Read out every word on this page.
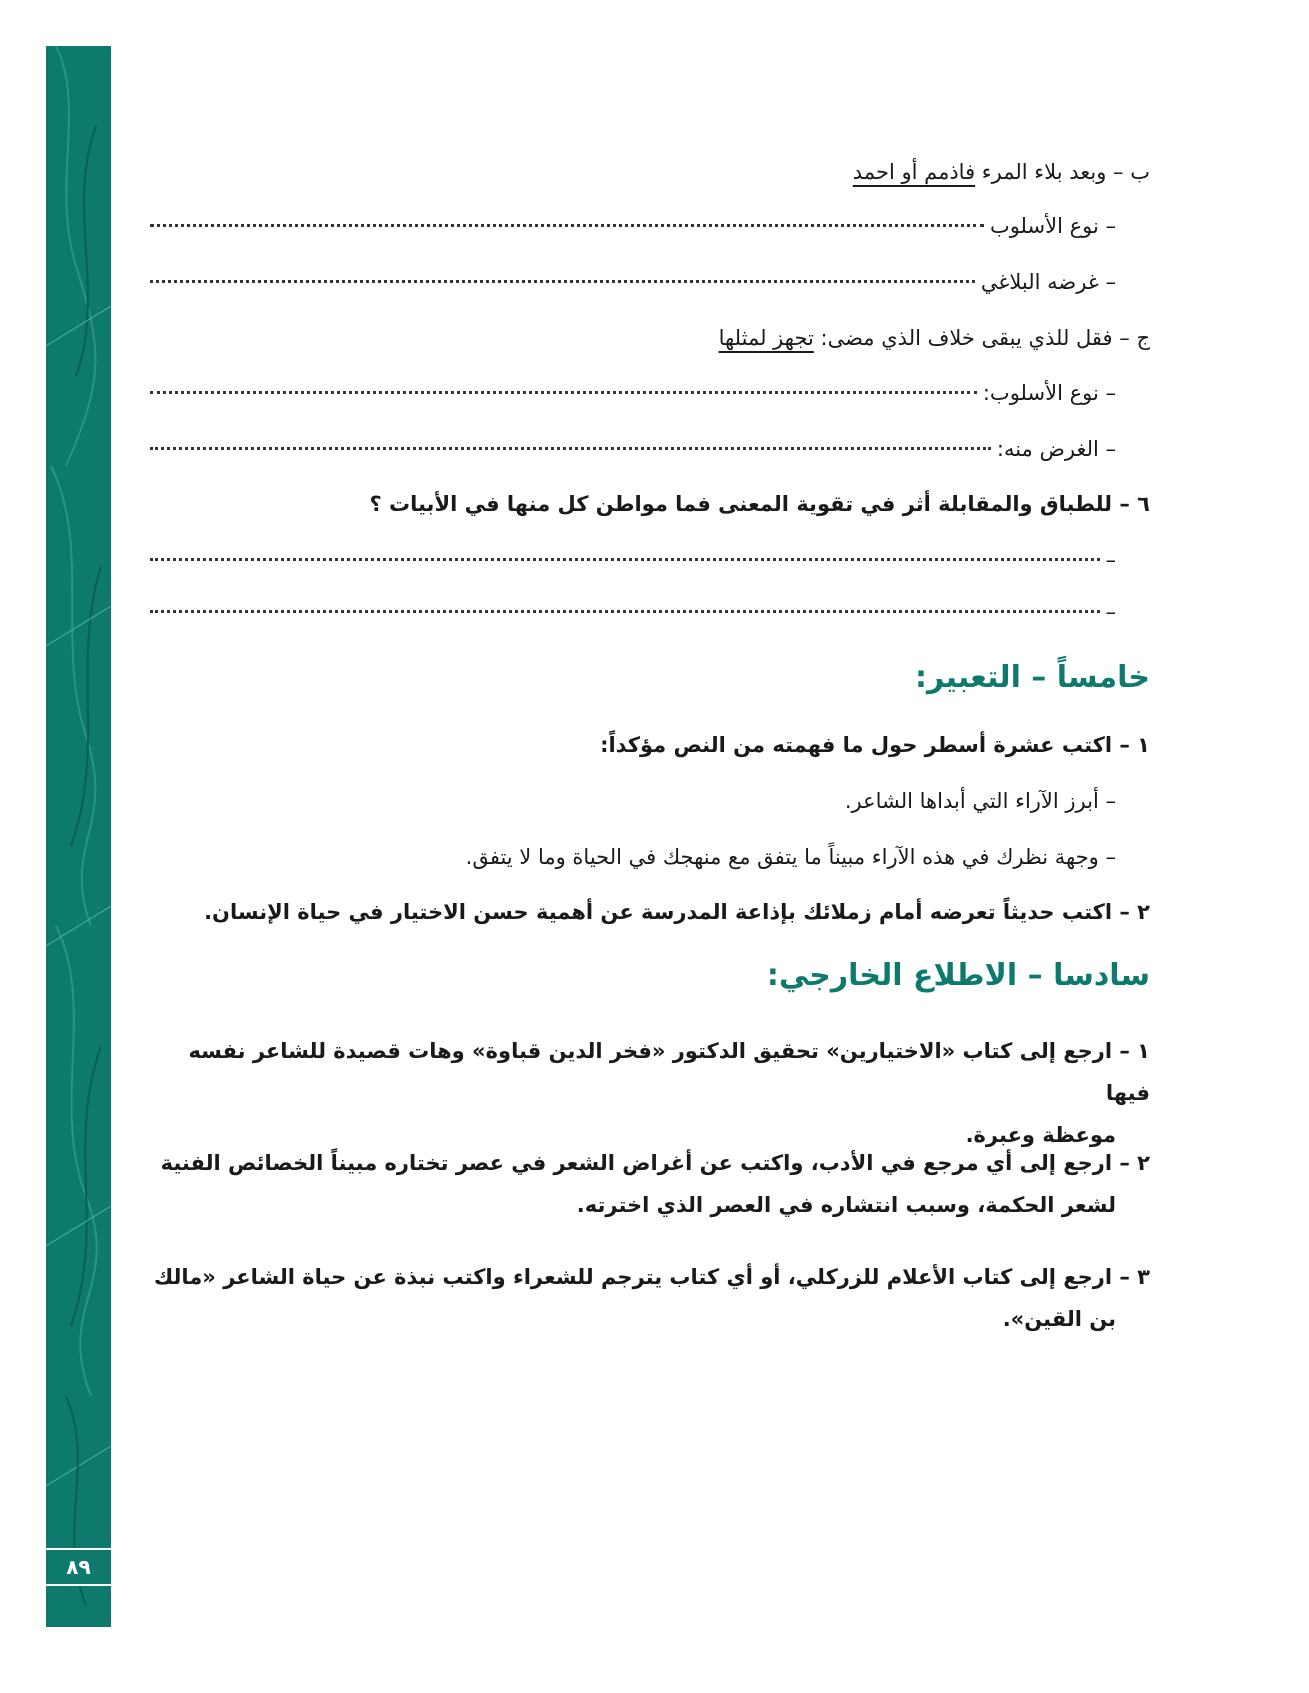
٨٩
ب – وبعد بلاء المرء فاذمم أو احمد
– نوع الأسلوب
– غرضه البلاغي
ج – فقل للذي يبقى خلاف الذي مضى: تجهز لمثلها
– نوع الأسلوب:
– الغرض منه:
٦ – للطباق والمقابلة أثر في تقوية المعنى فما مواطن كل منها في الأبيات ؟
–
–
خامساً – التعبير:
١ – اكتب عشرة أسطر حول ما فهمته من النص مؤكداً:
– أبرز الآراء التي أبداها الشاعر.
– وجهة نظرك في هذه الآراء مبيناً ما يتفق مع منهجك في الحياة وما لا يتفق.
٢ – اكتب حديثاً تعرضه أمام زملائك بإذاعة المدرسة عن أهمية حسن الاختيار في حياة الإنسان.
سادسا – الاطلاع الخارجي:
١ – ارجع إلى كتاب «الاختيارين» تحقيق الدكتور «فخر الدين قباوة» وهات قصيدة للشاعر نفسه فيها
موعظة وعبرة.
٢ – ارجع إلى أي مرجع في الأدب، واكتب عن أغراض الشعر في عصر تختاره مبيناً الخصائص الفنية
لشعر الحكمة، وسبب انتشاره في العصر الذي اخترته.
٣ – ارجع إلى كتاب الأعلام للزركلي، أو أي كتاب يترجم للشعراء واكتب نبذة عن حياة الشاعر «مالك
بن القين».
